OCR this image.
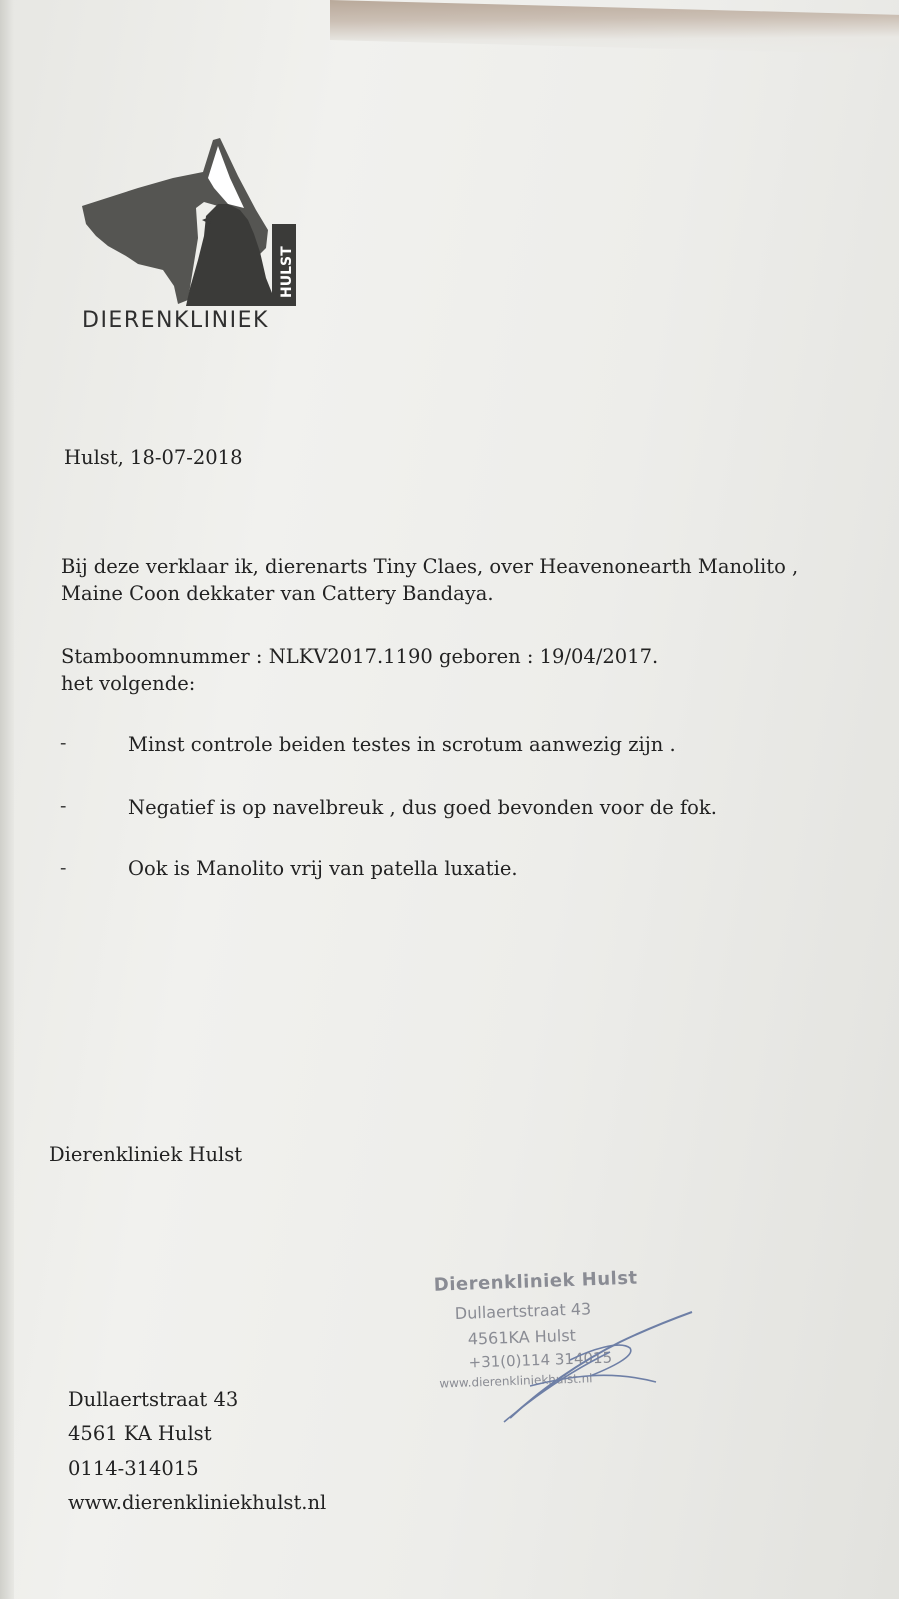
HULST
DIERENKLINIEK
Hulst, 18-07-2018
Bij deze verklaar ik, dierenarts Tiny Claes, over Heavenonearth Manolito ,
Maine Coon dekkater van Cattery Bandaya.
Stamboomnummer : NLKV2017.1190 geboren : 19/04/2017.
het volgende:
-	Minst controle beiden testes in scrotum aanwezig zijn .
-	Negatief is op navelbreuk , dus goed bevonden voor de fok.
-	Ook is Manolito vrij van patella luxatie.
Dierenkliniek Hulst
Dierenkliniek Hulst
Dullaertstraat 43
4561KA Hulst
+31(0)114 314015
www.dierenkliniekhulst.nl
Dullaertstraat 43
4561 KA Hulst
0114-314015
www.dierenkliniekhulst.nl
